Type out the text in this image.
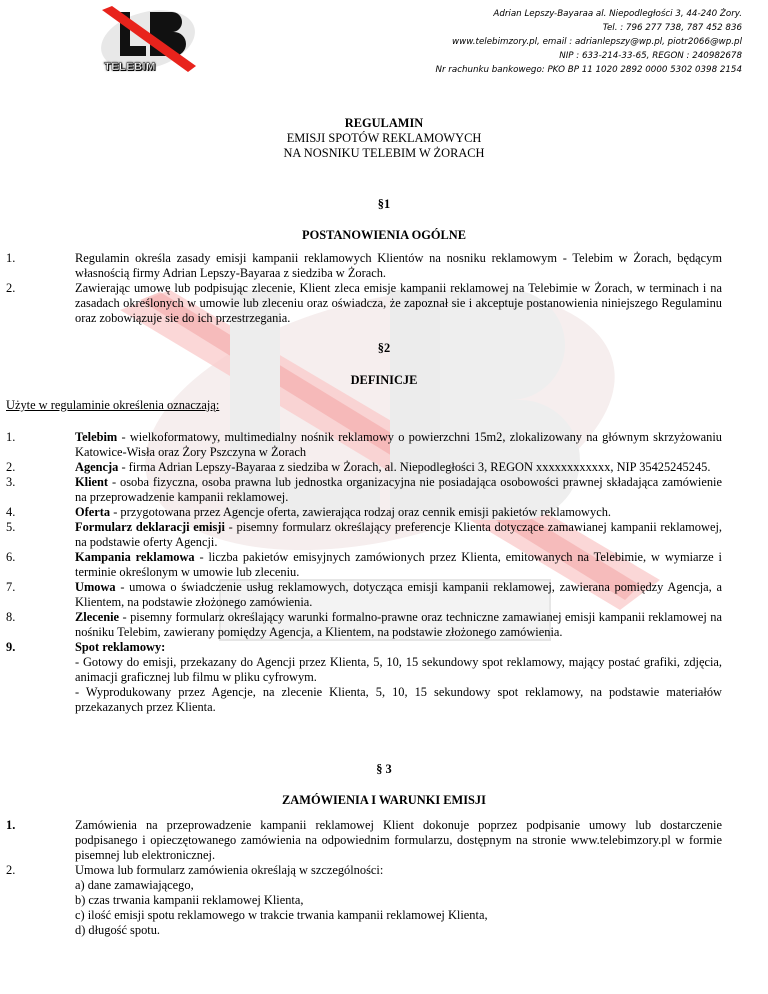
TELEBIM
Adrian Lepszy-Bayaraa al. Niepodległości 3, 44-240 Żory.
Tel. : 796 277 738, 787 452 836
www.telebimzory.pl, email : adrianlepszy@wp.pl, piotr2066@wp.pl
NIP : 633-214-33-65, REGON : 240982678
Nr rachunku bankowego: PKO BP 11 1020 2892 0000 5302 0398 2154
REGULAMIN
EMISJI SPOTÓW REKLAMOWYCH
NA NOSNIKU TELEBIM W ŻORACH
§1
POSTANOWIENIA OGÓLNE
1.	Regulamin określa zasady emisji kampanii reklamowych Klientów na nosniku reklamowym - Telebim w Żorach, będącym własnością firmy Adrian Lepszy-Bayaraa z siedziba w Żorach.
2.	Zawierając umowę lub podpisując zlecenie, Klient zleca emisje kampanii reklamowej na Telebimie w Żorach, w terminach i na zasadach określonych w umowie lub zleceniu oraz oświadcza, że zapoznał sie i akceptuje postanowienia niniejszego Regulaminu oraz zobowiązuje sie do ich przestrzegania.
§2
DEFINICJE
Użyte w regulaminie określenia oznaczają:
1.	Telebim - wielkoformatowy, multimedialny nośnik reklamowy o powierzchni 15m2, zlokalizowany na głównym skrzyżowaniu Katowice-Wisła oraz Żory Pszczyna w Żorach
2.	Agencja - firma Adrian Lepszy-Bayaraa z siedziba w Żorach, al. Niepodległości 3, REGON xxxxxxxxxxxx, NIP 35425245245.
3.	Klient - osoba fizyczna, osoba prawna lub jednostka organizacyjna nie posiadająca osobowości prawnej składająca zamówienie na przeprowadzenie kampanii reklamowej.
4.	Oferta - przygotowana przez Agencje oferta, zawierająca rodzaj oraz cennik emisji pakietów reklamowych.
5.	Formularz deklaracji emisji - pisemny formularz określający preferencje Klienta dotyczące zamawianej kampanii reklamowej, na podstawie oferty Agencji.
6.	Kampania reklamowa - liczba pakietów emisyjnych zamówionych przez Klienta, emitowanych na Telebimie, w wymiarze i terminie określonym w umowie lub zleceniu.
7.	Umowa - umowa o świadczenie usług reklamowych, dotycząca emisji kampanii reklamowej, zawierana pomiędzy Agencja, a Klientem, na podstawie złożonego zamówienia.
8.	Zlecenie - pisemny formularz określający warunki formalno-prawne oraz techniczne zamawianej emisji kampanii reklamowej na nośniku Telebim, zawierany pomiędzy Agencja, a Klientem, na podstawie złożonego zamówienia.
9.	Spot reklamowy:
- Gotowy do emisji, przekazany do Agencji przez Klienta, 5, 10, 15 sekundowy spot reklamowy, mający postać grafiki, zdjęcia, animacji graficznej lub filmu w pliku cyfrowym.
- Wyprodukowany przez Agencje, na zlecenie Klienta, 5, 10, 15 sekundowy spot reklamowy, na podstawie materiałów przekazanych przez Klienta.
§ 3
ZAMÓWIENIA I WARUNKI EMISJI
1.	Zamówienia na przeprowadzenie kampanii reklamowej Klient dokonuje poprzez podpisanie umowy lub dostarczenie podpisanego i opieczętowanego zamówienia na odpowiednim formularzu, dostępnym na stronie www.telebimzory.pl w formie pisemnej lub elektronicznej.
2.	Umowa lub formularz zamówienia określają w szczególności:
a) dane zamawiającego,
b) czas trwania kampanii reklamowej Klienta,
c) ilość emisji spotu reklamowego w trakcie trwania kampanii reklamowej Klienta,
d) długość spotu.
